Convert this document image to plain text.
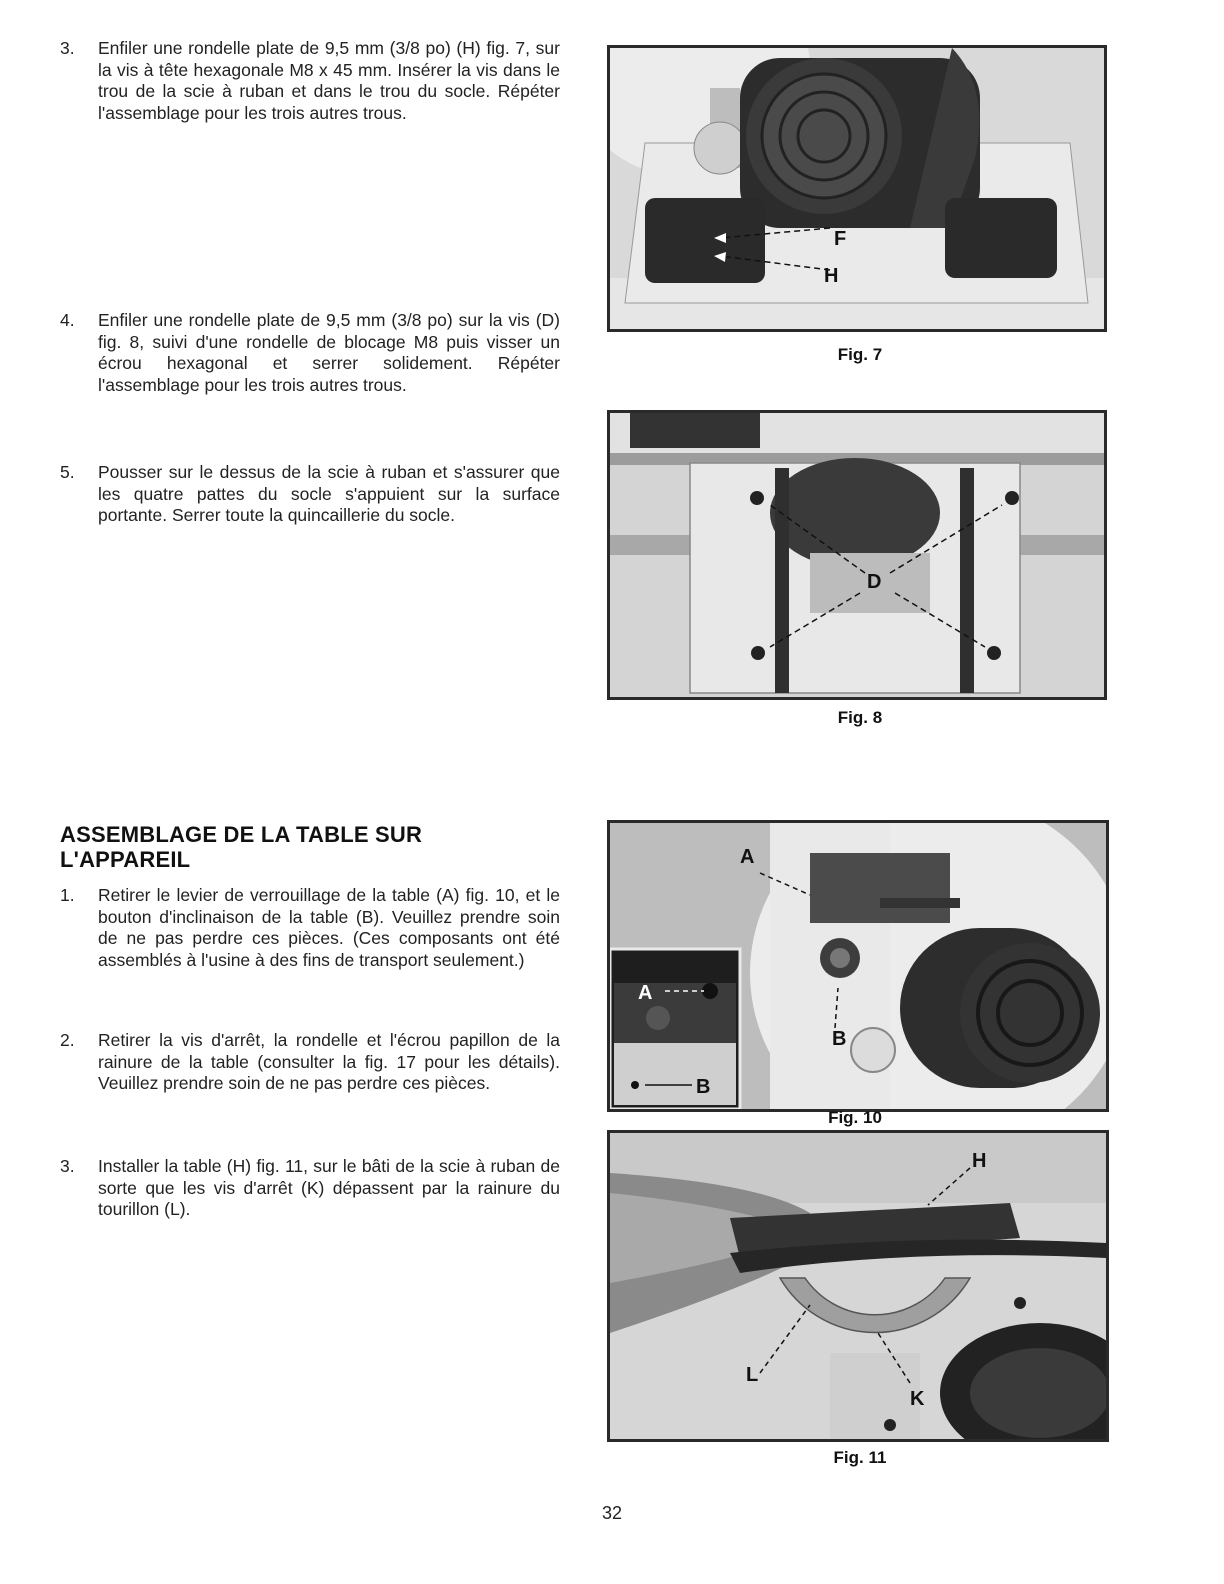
3. Enfiler une rondelle plate de 9,5 mm (3/8 po) (H) fig. 7, sur la vis à tête hexagonale M8 x 45 mm. Insérer la vis dans le trou de la scie à ruban et dans le trou du socle. Répéter l'assemblage pour les trois autres trous.
4. Enfiler une rondelle plate de 9,5 mm (3/8 po) sur la vis (D) fig. 8, suivi d'une rondelle de blocage M8 puis visser un écrou hexagonal et serrer solidement. Répéter l'assemblage pour les trois autres trous.
5. Pousser sur le dessus de la scie à ruban et s'assurer que les quatre pattes du socle s'appuient sur la surface portante. Serrer toute la quincaillerie du socle.
ASSEMBLAGE DE LA TABLE SUR L'APPAREIL
1. Retirer le levier de verrouillage de la table (A) fig. 10, et le bouton d'inclinaison de la table (B). Veuillez prendre soin de ne pas perdre ces pièces. (Ces composants ont été assemblés à l'usine à des fins de transport seulement.)
2. Retirer la vis d'arrêt, la rondelle et l'écrou papillon de la rainure de la table (consulter la fig. 17 pour les détails). Veuillez prendre soin de ne pas perdre ces pièces.
3. Installer la table (H) fig. 11, sur le bâti de la scie à ruban de sorte que les vis d'arrêt (K) dépassent par la rainure du tourillon (L).
F
H
Fig. 7
D
Fig. 8
A
B
A
B
Fig. 10
H
L
K
Fig. 11
32
